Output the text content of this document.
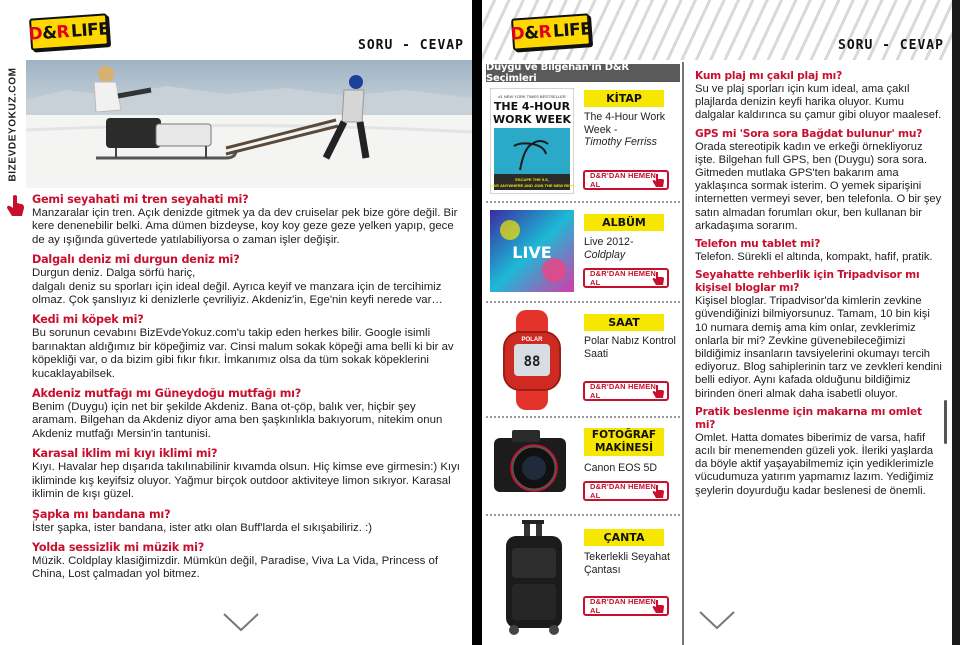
D
&
R LIFE
SORU - CEVAP
BIZEVDEYOKUZ.COM
Gemi seyahati mi tren seyahati mi?
Manzaralar için tren. Açık denizde gitmek ya da dev cruiselar pek bize göre değil. Bir kere denenebilir belki. Ama dümen bizdeyse, koy koy geze geze yelken yapıp, gece de ay ışığında güvertede yatılabiliyorsa o zaman işler değişir.
Dalgalı deniz mi durgun deniz mi?
Durgun deniz. Dalga sörfü hariç,
dalgalı deniz su sporları için ideal değil. Ayrıca keyif ve manzara için de tercihimiz olmaz. Çok şanslıyız ki denizlerle çevriliyiz. Akdeniz'in, Ege'nin keyfi nerede var…
Kedi mi köpek mi?
Bu sorunun cevabını BizEvdeYokuz.com'u takip eden herkes bilir. Google isimli barınaktan aldığımız bir köpeğimiz var. Cinsi malum sokak köpeği ama belli ki bir av köpekliği var, o da bizim gibi fıkır fıkır. İmkanımız olsa da tüm sokak köpeklerini kucaklayabilsek.
Akdeniz mutfağı mı Güneydoğu mutfağı mı?
Benim (Duygu) için net bir şekilde Akdeniz. Bana ot-çöp, balık ver, hiçbir şey aramam. Bilgehan da Akdeniz diyor ama ben şaşkınlıkla bakıyorum, nitekim onun Akdeniz mutfağı Mersin'in tantunisi.
Karasal iklim mi kıyı iklimi mi?
Kıyı. Havalar hep dışarıda takılınabilinir kıvamda olsun. Hiç kimse eve girmesin:) Kıyı ikliminde kış keyifsiz oluyor. Yağmur birçok outdoor aktiviteye limon sıkıyor. Karasal iklimin de kışı güzel.
Şapka mı bandana mı?
İster şapka, ister bandana, ister atkı olan Buff'larda el sıkışabiliriz. :)
Yolda sessizlik mi müzik mi?
Müzik. Coldplay klasiğimizdir. Mümkün değil, Paradise, Viva La Vida, Princess of China, Lost çalmadan yol bitmez.
D
&
R LIFE
SORU - CEVAP
Duygu ve Bilgehan'ın D&R Seçimleri
#1 NEW YORK TIMES BESTSELLER
THE 4-HOUR
WORK WEEK
ESCAPE THE 9-5,
LIVE ANYWHERE AND JOIN THE NEW RICH
KİTAP
The 4-Hour Work Week -
Timothy Ferriss
D&R'DAN HEMEN AL
LIVE
ALBÜM
Live 2012-
Coldplay
D&R'DAN HEMEN AL
POLAR
88
SAAT
Polar Nabız Kontrol Saati
D&R'DAN HEMEN AL
FOTOĞRAF MAKİNESİ
Canon EOS 5D
D&R'DAN HEMEN AL
ÇANTA
Tekerlekli Seyahat Çantası
D&R'DAN HEMEN AL
Kum plaj mı çakıl plaj mı?
Su ve plaj sporları için kum ideal, ama çakıl plajlarda denizin keyfi harika oluyor. Kumu dalgalar kaldırınca su çamur gibi oluyor maalesef.
GPS mi 'Sora sora Bağdat bulunur' mu?
Orada stereotipik kadın ve erkeği örnekliyoruz işte. Bilgehan full GPS, ben (Duygu) sora sora. Gitmeden mutlaka GPS'ten bakarım ama yaklaşınca sormak isterim. O yemek siparişini internetten vermeyi sever, ben telefonla. O bir şey satın almadan forumları okur, ben kullanan bir arkadaşıma sorarım.
Telefon mu tablet mi?
Telefon. Sürekli el altında, kompakt, hafif, pratik.
Seyahatte rehberlik için Tripadvisor mı kişisel bloglar mı?
Kişisel bloglar. Tripadvisor'da kimlerin zevkine güvendiğinizi bilmiyorsunuz. Tamam, 10 bin kişi 10 numara demiş ama kim onlar, zevklerimiz onlarla bir mi? Zevkine güvenebileceğimizi bildiğimiz insanların tavsiyelerini okumayı tercih ediyoruz. Blog sahiplerinin tarz ve zevkleri kendini belli ediyor. Aynı kafada olduğunu bildiğimiz birinden öneri almak daha isabetli oluyor.
Pratik beslenme için makarna mı omlet mi?
Omlet. Hatta domates biberimiz de varsa, hafif acılı bir menemenden güzeli yok. İleriki yaşlarda da böyle aktif yaşayabilmemiz için yediklerimizle vücudumuza yatırım yapmamız lazım. Yediğimiz şeylerin doyurduğu kadar beslenesi de önemli.
